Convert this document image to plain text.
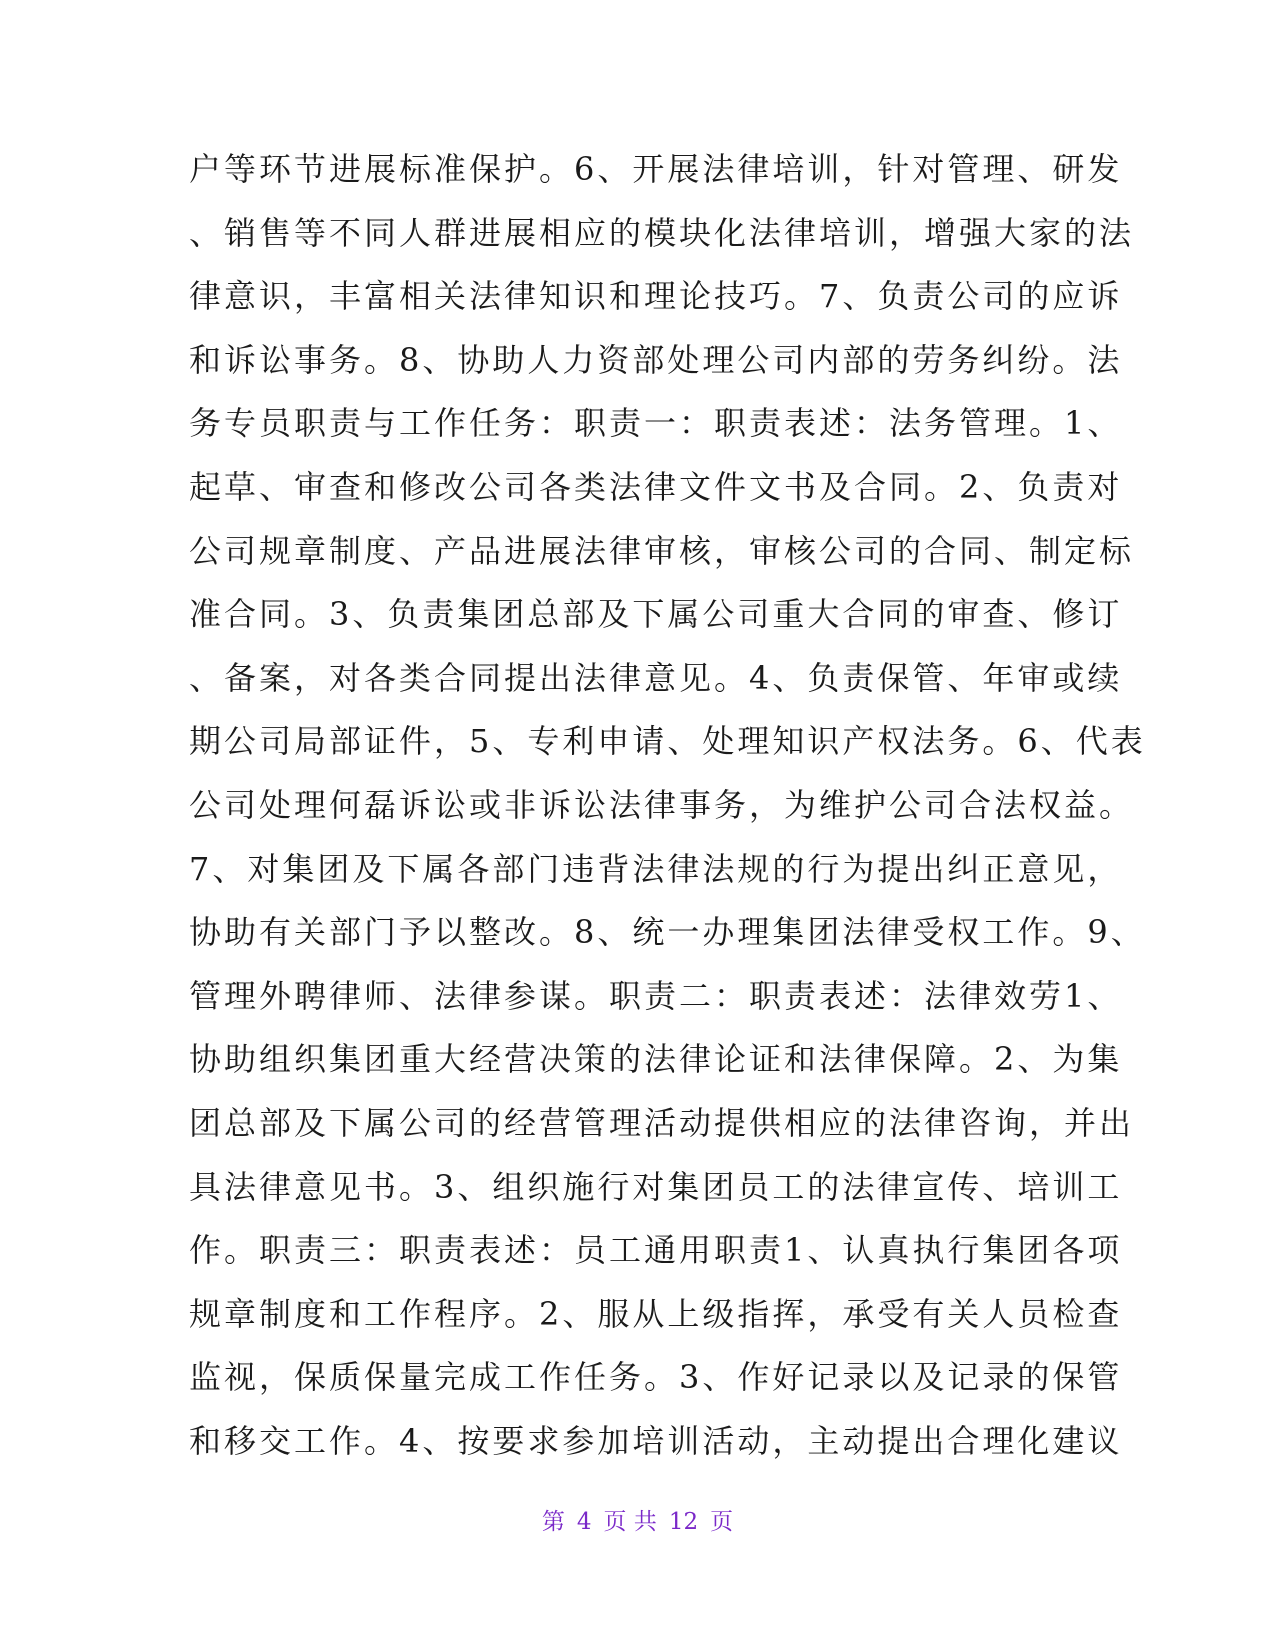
户等环节进展标准保护。6、开展法律培训，针对管理、研发
、销售等不同人群进展相应的模块化法律培训，增强大家的法
律意识，丰富相关法律知识和理论技巧。7、负责公司的应诉
和诉讼事务。8、协助人力资部处理公司内部的劳务纠纷。法
务专员职责与工作任务：职责一：职责表述：法务管理。1、
起草、审查和修改公司各类法律文件文书及合同。2、负责对
公司规章制度、产品进展法律审核，审核公司的合同、制定标
准合同。3、负责集团总部及下属公司重大合同的审查、修订
、备案，对各类合同提出法律意见。4、负责保管、年审或续
期公司局部证件，5、专利申请、处理知识产权法务。6、代表
公司处理何磊诉讼或非诉讼法律事务，为维护公司合法权益。
7、对集团及下属各部门违背法律法规的行为提出纠正意见，
协助有关部门予以整改。8、统一办理集团法律受权工作。9、
管理外聘律师、法律参谋。职责二：职责表述：法律效劳1、
协助组织集团重大经营决策的法律论证和法律保障。2、为集
团总部及下属公司的经营管理活动提供相应的法律咨询，并出
具法律意见书。3、组织施行对集团员工的法律宣传、培训工
作。职责三：职责表述：员工通用职责1、认真执行集团各项
规章制度和工作程序。2、服从上级指挥，承受有关人员检查
监视，保质保量完成工作任务。3、作好记录以及记录的保管
和移交工作。4、按要求参加培训活动，主动提出合理化建议
第 4 页 共 12 页
